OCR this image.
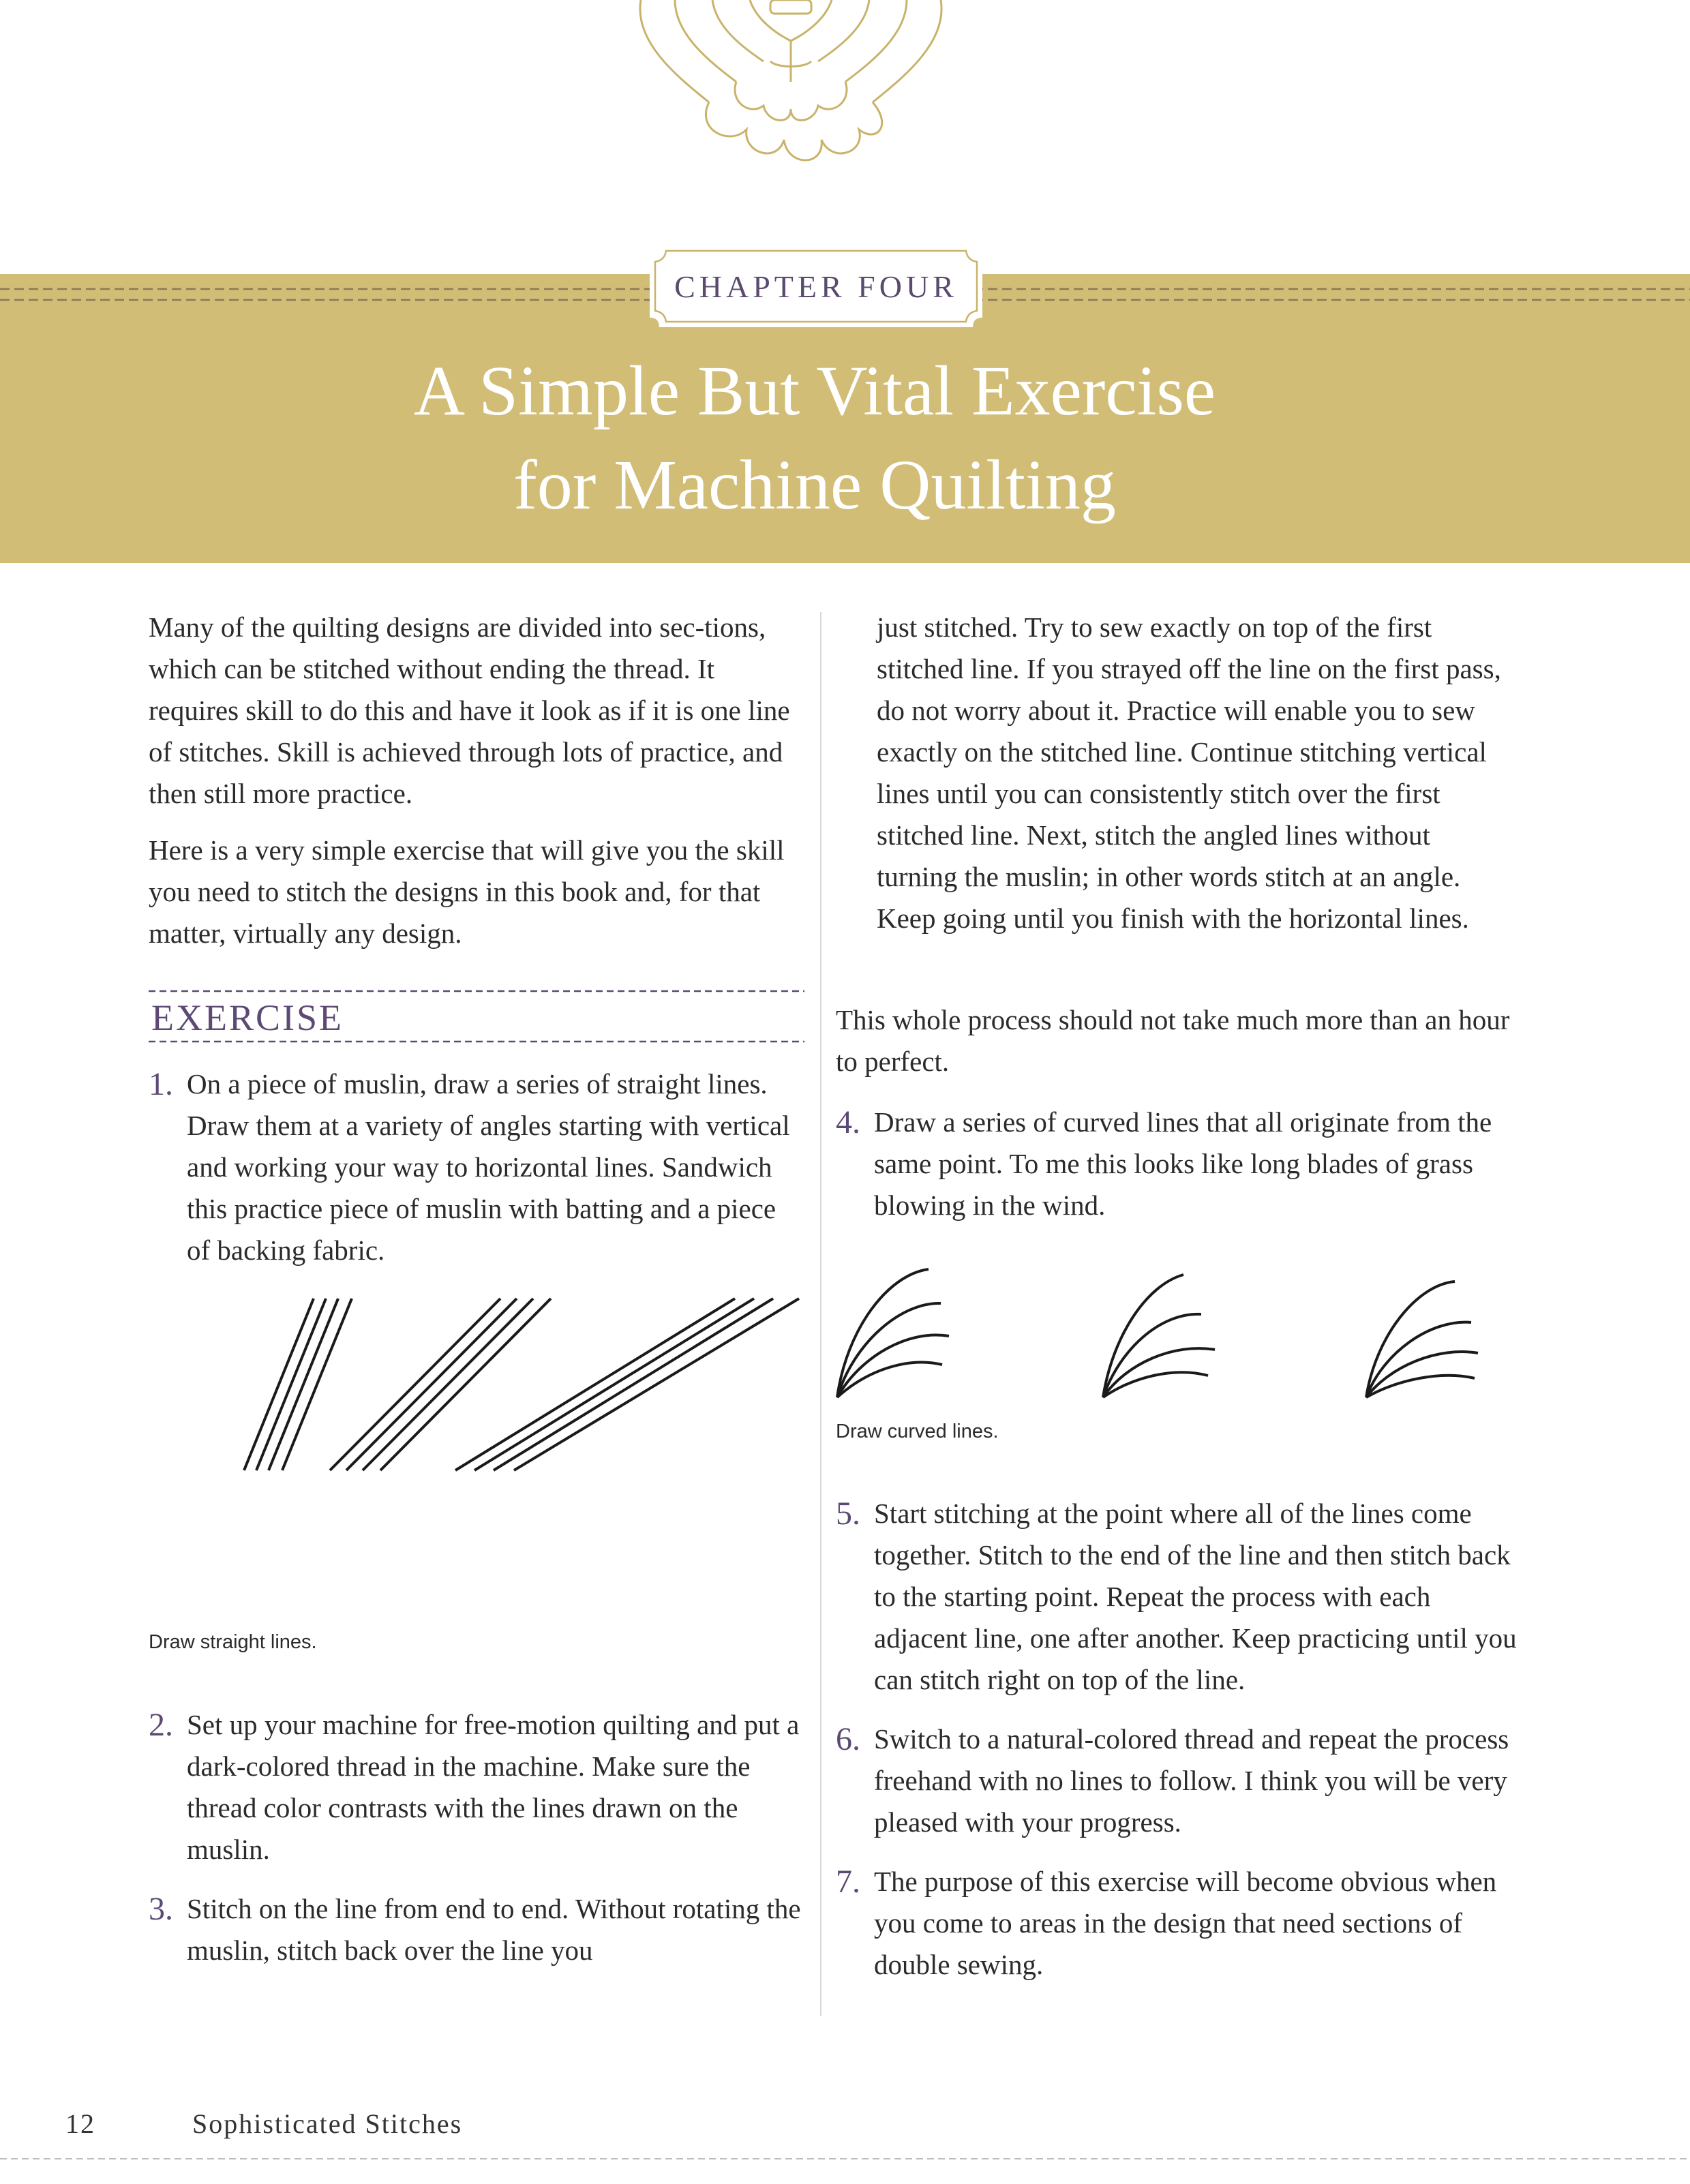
CHAPTER FOUR
A Simple But Vital Exercise
for Machine Quilting

Many of the quilting designs are divided into sec-tions, which can be stitched without ending the thread. It requires skill to do this and have it look as if it is one line of stitches. Skill is achieved through lots of practice, and then still more practice.

Here is a very simple exercise that will give you the skill you need to stitch the designs in this book and, for that matter, virtually any design.

EXERCISE
1. On a piece of muslin, draw a series of straight lines. Draw them at a variety of angles starting with vertical and working your way to horizontal lines. Sandwich this practice piece of muslin with batting and a piece of backing fabric.
Draw straight lines.
2. Set up your machine for free-motion quilting and put a dark-colored thread in the machine. Make sure the thread color contrasts with the lines drawn on the muslin.
3. Stitch on the line from end to end. Without rotating the muslin, stitch back over the line you
just stitched. Try to sew exactly on top of the first stitched line. If you strayed off the line on the first pass, do not worry about it. Practice will enable you to sew exactly on the stitched line. Continue stitching vertical lines until you can consistently stitch over the first stitched line. Next, stitch the angled lines without turning the muslin; in other words stitch at an angle. Keep going until you finish with the horizontal lines.
This whole process should not take much more than an hour to perfect.
4. Draw a series of curved lines that all originate from the same point. To me this looks like long blades of grass blowing in the wind.
Draw curved lines.
5. Start stitching at the point where all of the lines come together. Stitch to the end of the line and then stitch back to the starting point. Repeat the process with each adjacent line, one after another. Keep practicing until you can stitch right on top of the line.
6. Switch to a natural-colored thread and repeat the process freehand with no lines to follow. I think you will be very pleased with your progress.
7. The purpose of this exercise will become obvious when you come to areas in the design that need sections of double sewing.
12	Sophisticated Stitches
